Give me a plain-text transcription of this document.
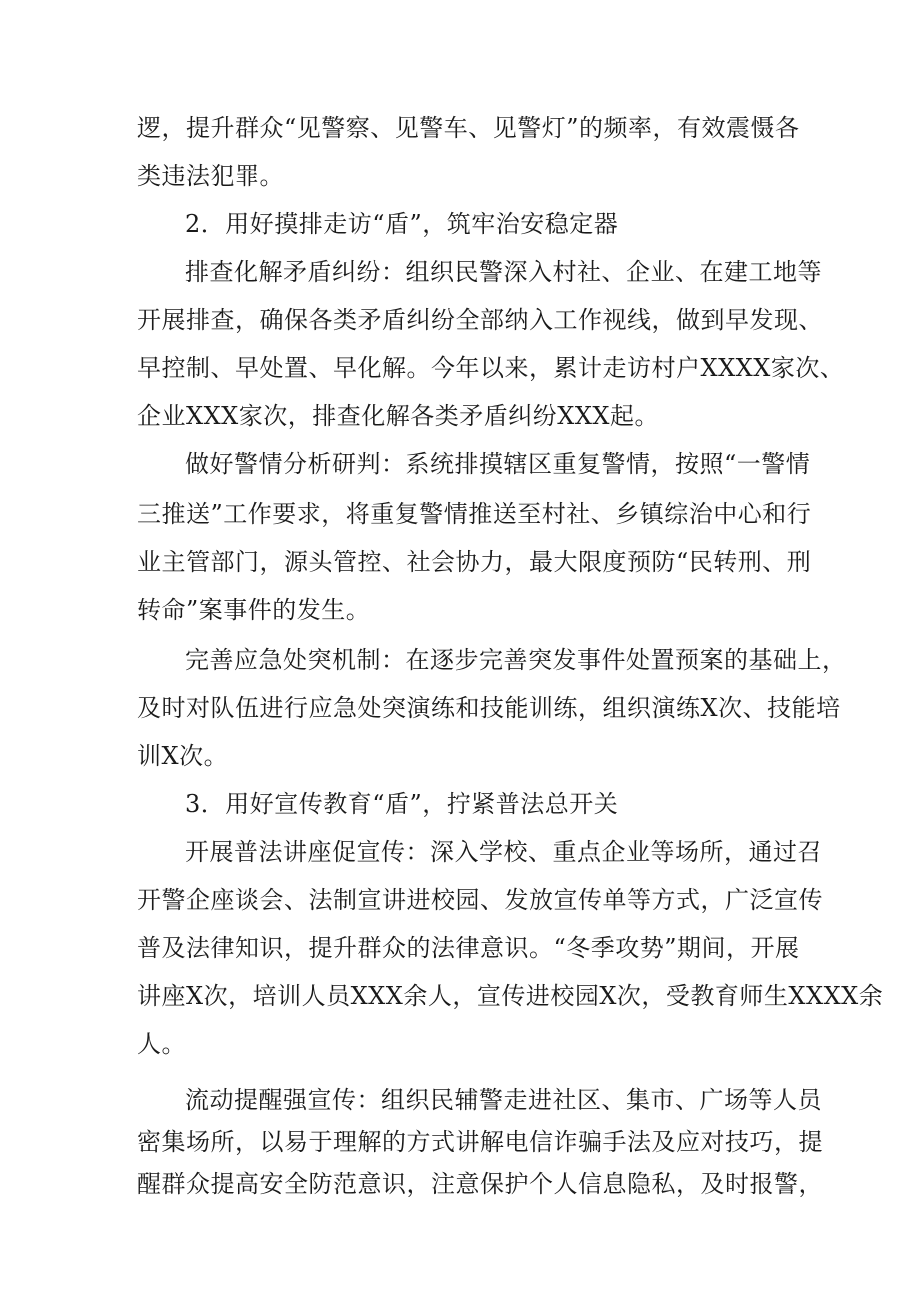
逻，提升群众“见警察、见警车、见警灯”的频率，有效震慑各
类违法犯罪。
2．用好摸排走访“盾”，筑牢治安稳定器
排查化解矛盾纠纷：组织民警深入村社、企业、在建工地等
开展排查，确保各类矛盾纠纷全部纳入工作视线，做到早发现、
早控制、早处置、早化解。今年以来，累计走访村户XXXX家次、
企业XXX家次，排查化解各类矛盾纠纷XXX起。
做好警情分析研判：系统排摸辖区重复警情，按照“一警情
三推送”工作要求，将重复警情推送至村社、乡镇综治中心和行
业主管部门，源头管控、社会协力，最大限度预防“民转刑、刑
转命”案事件的发生。
完善应急处突机制：在逐步完善突发事件处置预案的基础上，
及时对队伍进行应急处突演练和技能训练，组织演练X次、技能培
训X次。
3．用好宣传教育“盾”，拧紧普法总开关
开展普法讲座促宣传：深入学校、重点企业等场所，通过召
开警企座谈会、法制宣讲进校园、发放宣传单等方式，广泛宣传
普及法律知识，提升群众的法律意识。“冬季攻势”期间，开展
讲座X次，培训人员XXX余人，宣传进校园X次，受教育师生XXXX余
人。
流动提醒强宣传：组织民辅警走进社区、集市、广场等人员
密集场所，以易于理解的方式讲解电信诈骗手法及应对技巧，提
醒群众提高安全防范意识，注意保护个人信息隐私，及时报警，
